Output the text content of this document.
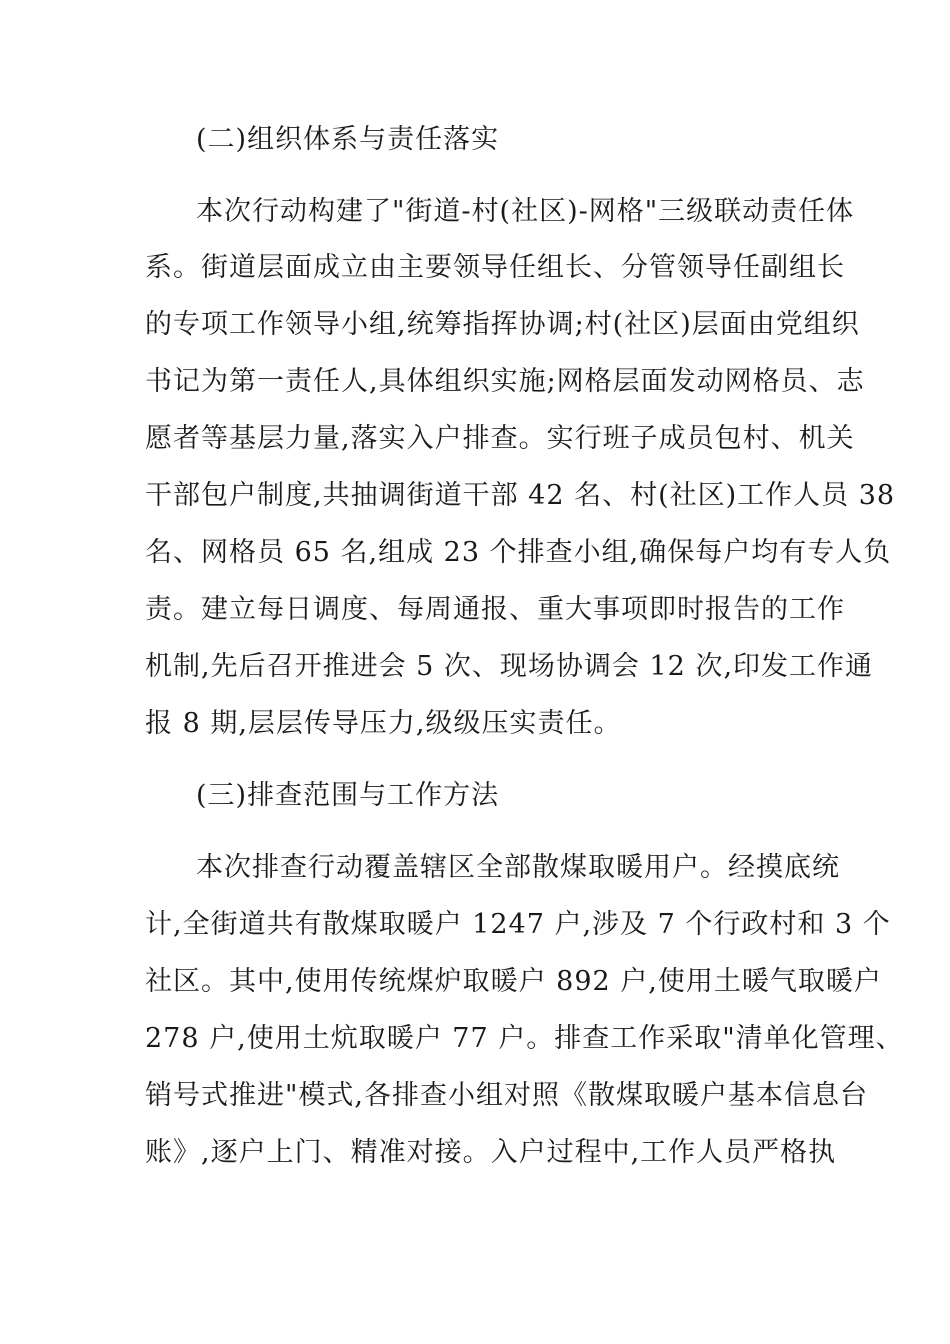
(二)组织体系与责任落实
本次行动构建了"街道-村(社区)-网格"三级联动责任体
系。街道层面成立由主要领导任组长、分管领导任副组长
的专项工作领导小组,统筹指挥协调;村(社区)层面由党组织
书记为第一责任人,具体组织实施;网格层面发动网格员、志
愿者等基层力量,落实入户排查。实行班子成员包村、机关
干部包户制度,共抽调街道干部 42 名、村(社区)工作人员 38
名、网格员 65 名,组成 23 个排查小组,确保每户均有专人负
责。建立每日调度、每周通报、重大事项即时报告的工作
机制,先后召开推进会 5 次、现场协调会 12 次,印发工作通
报 8 期,层层传导压力,级级压实责任。
(三)排查范围与工作方法
本次排查行动覆盖辖区全部散煤取暖用户。经摸底统
计,全街道共有散煤取暖户 1247 户,涉及 7 个行政村和 3 个
社区。其中,使用传统煤炉取暖户 892 户,使用土暖气取暖户
278 户,使用土炕取暖户 77 户。排查工作采取"清单化管理、
销号式推进"模式,各排查小组对照《散煤取暖户基本信息台
账》,逐户上门、精准对接。入户过程中,工作人员严格执
